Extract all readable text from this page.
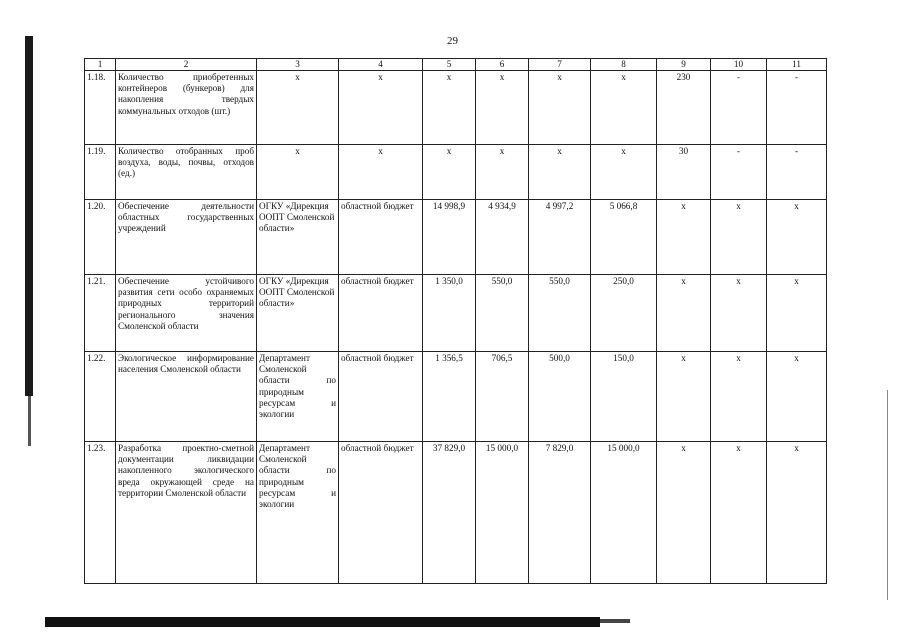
29
1	2	3	4	5	6	7	8	9	10	11
1.18.	Количество приобретенных контейнеров (бункеров) для накопления твердых коммунальных отходов (шт.)	х	х	х	х	х	х	230	-	-
1.19.	Количество отобранных проб воздуха, воды, почвы, отходов (ед.)	х	х	х	х	х	х	30	-	-
1.20.	Обеспечение деятельности областных государственных учреждений	ОГКУ «Дирекция ООПТ Смоленской области»	областной бюджет	14 998,9	4 934,9	4 997,2	5 066,8	х	х	х
1.21.	Обеспечение устойчивого развития сети особо охраняемых природных территорий регионального значения Смоленской области	ОГКУ «Дирекция ООПТ Смоленской области»	областной бюджет	1 350,0	550,0	550,0	250,0	х	х	х
1.22.	Экологическое информирование населения Смоленской области	Департамент Смоленской области по природным ресурсам и экологии	областной бюджет	1 356,5	706,5	500,0	150,0	х	х	х
1.23.	Разработка проектно-сметной документации ликвидации накопленного экологического вреда окружающей среде на территории Смоленской области	Департамент Смоленской области по природным ресурсам и экологии	областной бюджет	37 829,0	15 000,0	7 829,0	15 000,0	х	х	х
